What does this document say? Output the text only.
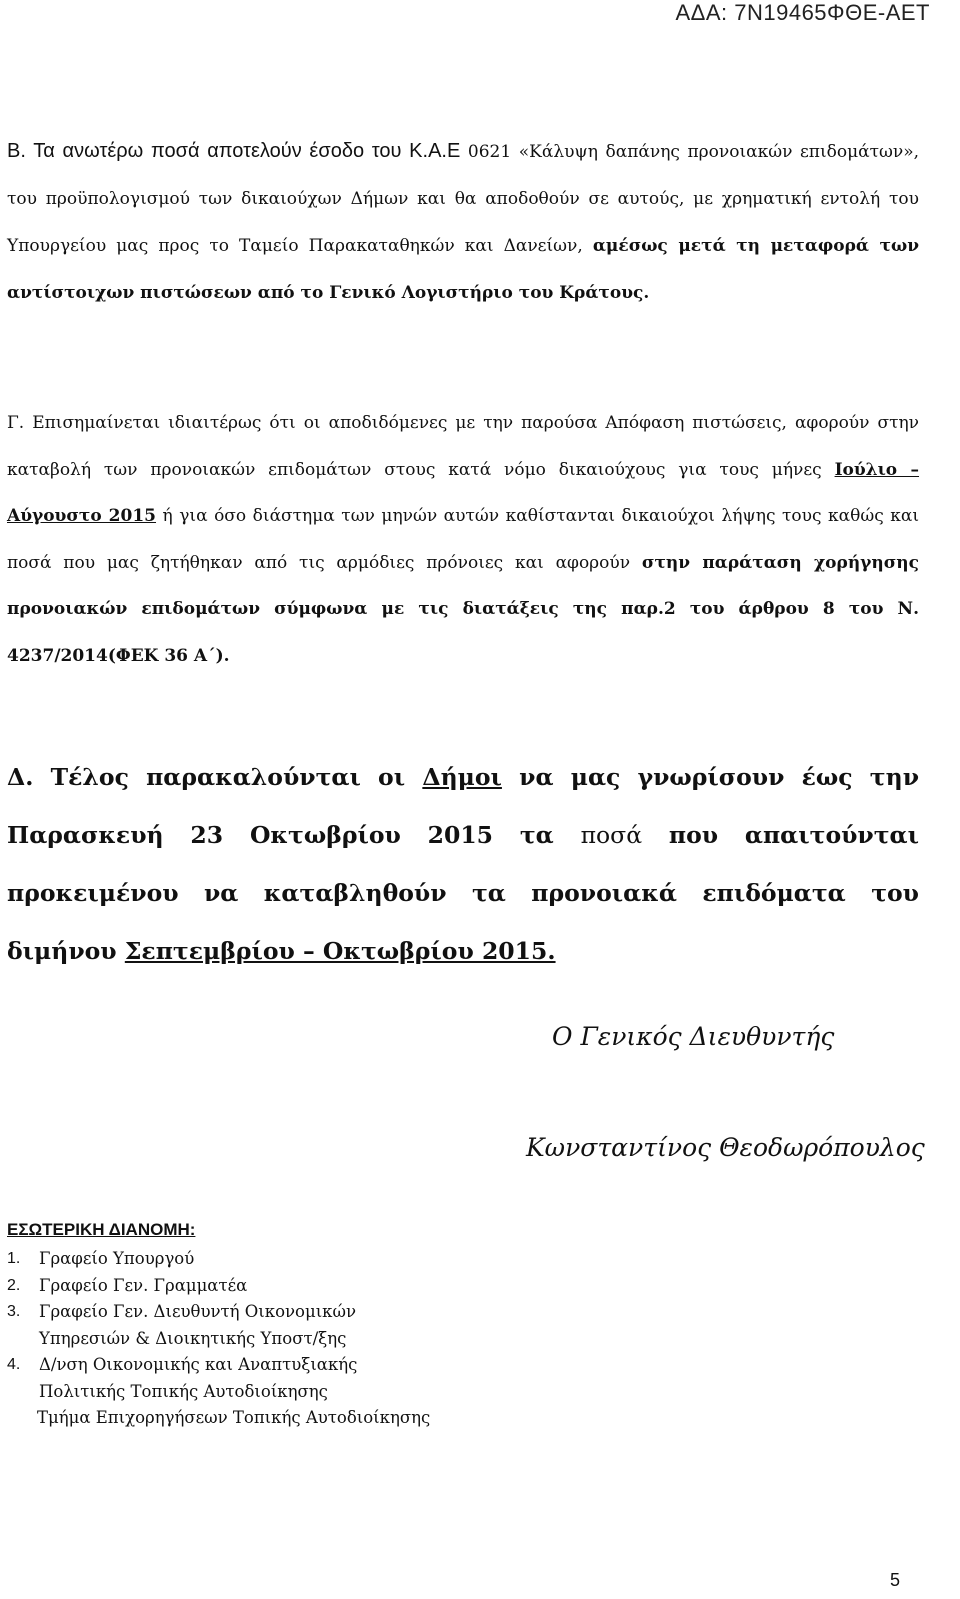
ΑΔΑ: 7Ν19465ΦΘΕ-ΑΕΤ

Β. Τα ανωτέρω ποσά αποτελούν έσοδο του Κ.Α.Ε 0621 «Κάλυψη δαπάνης προνοιακών επιδομάτων», του προϋπολογισμού των δικαιούχων Δήμων και θα αποδοθούν σε αυτούς, με χρηματική εντολή του Υπουργείου μας προς το Ταμείο Παρακαταθηκών και Δανείων, αμέσως μετά τη μεταφορά των αντίστοιχων πιστώσεων από το Γενικό Λογιστήριο του Κράτους.

Γ. Επισημαίνεται ιδιαιτέρως ότι οι αποδιδόμενες με την παρούσα Απόφαση πιστώσεις, αφορούν στην καταβολή των προνοιακών επιδομάτων στους κατά νόμο δικαιούχους για τους μήνες Ιούλιο – Αύγουστο 2015 ή για όσο διάστημα των μηνών αυτών καθίστανται δικαιούχοι λήψης τους καθώς και ποσά που μας ζητήθηκαν από τις αρμόδιες πρόνοιες και αφορούν στην παράταση χορήγησης προνοιακών επιδομάτων σύμφωνα με τις διατάξεις της παρ.2 του άρθρου 8 του Ν. 4237/2014(ΦΕΚ 36 Α΄).

Δ. Τέλος παρακαλούνται οι Δήμοι να μας γνωρίσουν έως την Παρασκευή 23 Οκτωβρίου 2015 τα ποσά που απαιτούνται προκειμένου να καταβληθούν τα προνοιακά επιδόματα του διμήνου Σεπτεμβρίου – Οκτωβρίου 2015.

Ο Γενικός Διευθυντής
Κωνσταντίνος Θεοδωρόπουλος
ΕΣΩΤΕΡΙΚΗ ΔΙΑΝΟΜΗ:
1.	Γραφείο Υπουργού
2.	Γραφείο Γεν. Γραμματέα
3.	Γραφείο Γεν. Διευθυντή Οικονομικών
Υπηρεσιών & Διοικητικής Υποστ/ξης
4.	Δ/νση Οικονομικής και Αναπτυξιακής
Πολιτικής Τοπικής Αυτοδιοίκησης
Τμήμα Επιχορηγήσεων Τοπικής Αυτοδιοίκησης
5
